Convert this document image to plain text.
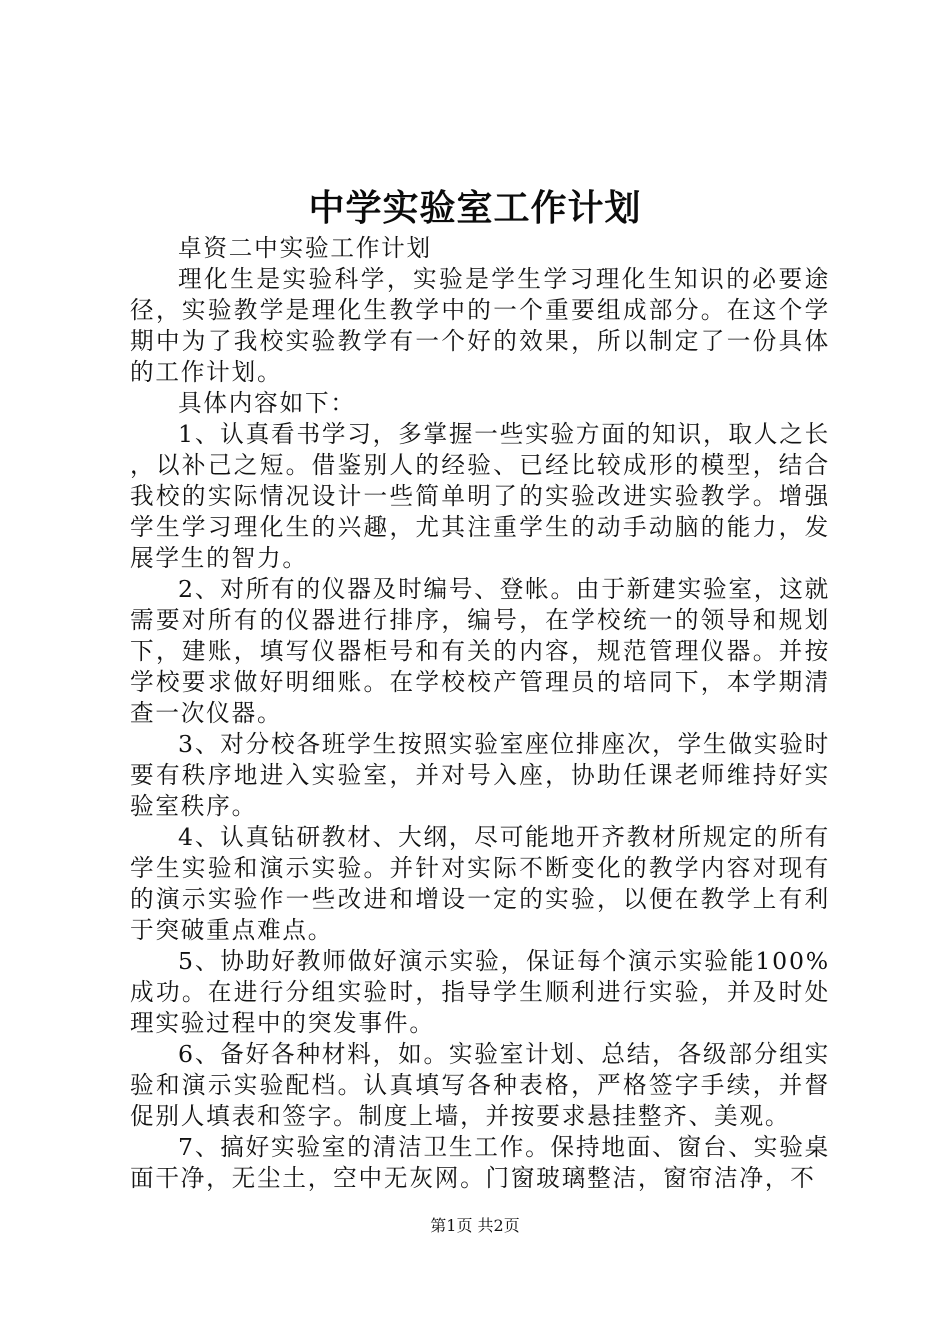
中学实验室工作计划

卓资二中实验工作计划

理化生是实验科学，实验是学生学习理化生知识的必要途径，实验教学是理化生教学中的一个重要组成部分。在这个学期中为了我校实验教学有一个好的效果，所以制定了一份具体的工作计划。

具体内容如下：

1、认真看书学习，多掌握一些实验方面的知识，取人之长，以补己之短。借鉴别人的经验、已经比较成形的模型，结合我校的实际情况设计一些简单明了的实验改进实验教学。增强学生学习理化生的兴趣，尤其注重学生的动手动脑的能力，发展学生的智力。

2、对所有的仪器及时编号、登帐。由于新建实验室，这就需要对所有的仪器进行排序，编号，在学校统一的领导和规划下，建账，填写仪器柜号和有关的内容，规范管理仪器。并按学校要求做好明细账。在学校校产管理员的培同下，本学期清查一次仪器。

3、对分校各班学生按照实验室座位排座次，学生做实验时要有秩序地进入实验室，并对号入座，协助任课老师维持好实验室秩序。

4、认真钻研教材、大纲，尽可能地开齐教材所规定的所有学生实验和演示实验。并针对实际不断变化的教学内容对现有的演示实验作一些改进和增设一定的实验，以便在教学上有利于突破重点难点。

5、协助好教师做好演示实验，保证每个演示实验能100%成功。在进行分组实验时，指导学生顺利进行实验，并及时处理实验过程中的突发事件。

6、备好各种材料，如。实验室计划、总结，各级部分组实验和演示实验配档。认真填写各种表格，严格签字手续，并督促别人填表和签字。制度上墙，并按要求悬挂整齐、美观。

7、搞好实验室的清洁卫生工作。保持地面、窗台、实验桌面干净，无尘土，空中无灰网。门窗玻璃整洁，窗帘洁净，不

第1页 共2页
